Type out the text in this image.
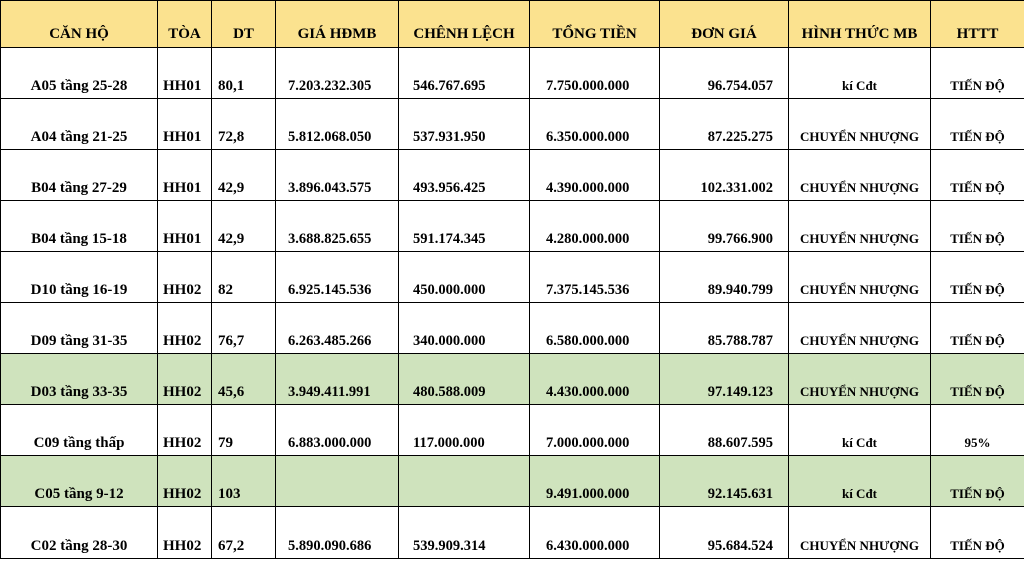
CĂN HỘ	TÒA	DT	GIÁ HĐMB	CHÊNH LỆCH	TỔNG TIỀN	ĐƠN GIÁ	HÌNH THỨC MB	HTTT
A05 tầng 25-28	HH01	80,1	7.203.232.305	546.767.695	7.750.000.000	96.754.057	kí Cđt	TIẾN ĐỘ
A04 tầng 21-25	HH01	72,8	5.812.068.050	537.931.950	6.350.000.000	87.225.275	CHUYỂN NHƯỢNG	TIẾN ĐỘ
B04 tầng 27-29	HH01	42,9	3.896.043.575	493.956.425	4.390.000.000	102.331.002	CHUYỂN NHƯỢNG	TIẾN ĐỘ
B04 tầng 15-18	HH01	42,9	3.688.825.655	591.174.345	4.280.000.000	99.766.900	CHUYỂN NHƯỢNG	TIẾN ĐỘ
D10 tầng 16-19	HH02	82	6.925.145.536	450.000.000	7.375.145.536	89.940.799	CHUYỂN NHƯỢNG	TIẾN ĐỘ
D09 tầng 31-35	HH02	76,7	6.263.485.266	340.000.000	6.580.000.000	85.788.787	CHUYỂN NHƯỢNG	TIẾN ĐỘ
D03 tầng 33-35	HH02	45,6	3.949.411.991	480.588.009	4.430.000.000	97.149.123	CHUYỂN NHƯỢNG	TIẾN ĐỘ
C09 tầng thấp	HH02	79	6.883.000.000	117.000.000	7.000.000.000	88.607.595	kí Cđt	95%
C05 tầng 9-12	HH02	103			9.491.000.000	92.145.631	kí Cđt	TIẾN ĐỘ
C02 tầng 28-30	HH02	67,2	5.890.090.686	539.909.314	6.430.000.000	95.684.524	CHUYỂN NHƯỢNG	TIẾN ĐỘ
